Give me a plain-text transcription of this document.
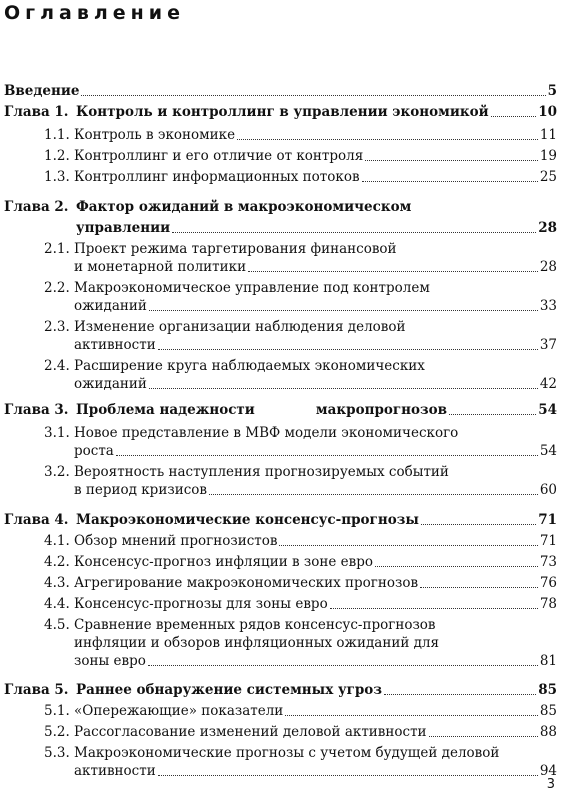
Оглавление
Введение	5
Глава 1. Контроль и контроллинг в управлении экономикой	10
1.1. Контроль в экономике	11
1.2. Контроллинг и его отличие от контроля	19
1.3. Контроллинг информационных потоков	25
Глава 2. Фактор ожиданий в макроэкономическом
управлении	28
2.1. Проект режима таргетирования финансовой
и монетарной политики	28
2.2. Макроэкономическое управление под контролем
ожиданий	33
2.3. Изменение организации наблюдения деловой
активности	37
2.4. Расширение круга наблюдаемых экономических
ожиданий	42
Глава 3. Проблема надежности             макропрогнозов	54
3.1. Новое представление в МВФ модели экономического
роста	54
3.2. Вероятность наступления прогнозируемых событий
в период кризисов	60
Глава 4. Макроэкономические консенсус-прогнозы	71
4.1. Обзор мнений прогнозистов	71
4.2. Консенсус-прогноз инфляции в зоне евро	73
4.3. Агрегирование макроэкономических прогнозов	76
4.4. Консенсус-прогнозы для зоны евро	78
4.5. Сравнение временных рядов консенсус-прогнозов
инфляции и обзоров инфляционных ожиданий для
зоны евро	81
Глава 5. Раннее обнаружение системных угроз	85
5.1. «Опережающие» показатели	85
5.2. Рассогласование изменений деловой активности	88
5.3. Макроэкономические прогнозы с учетом будущей деловой
активности	94
3
